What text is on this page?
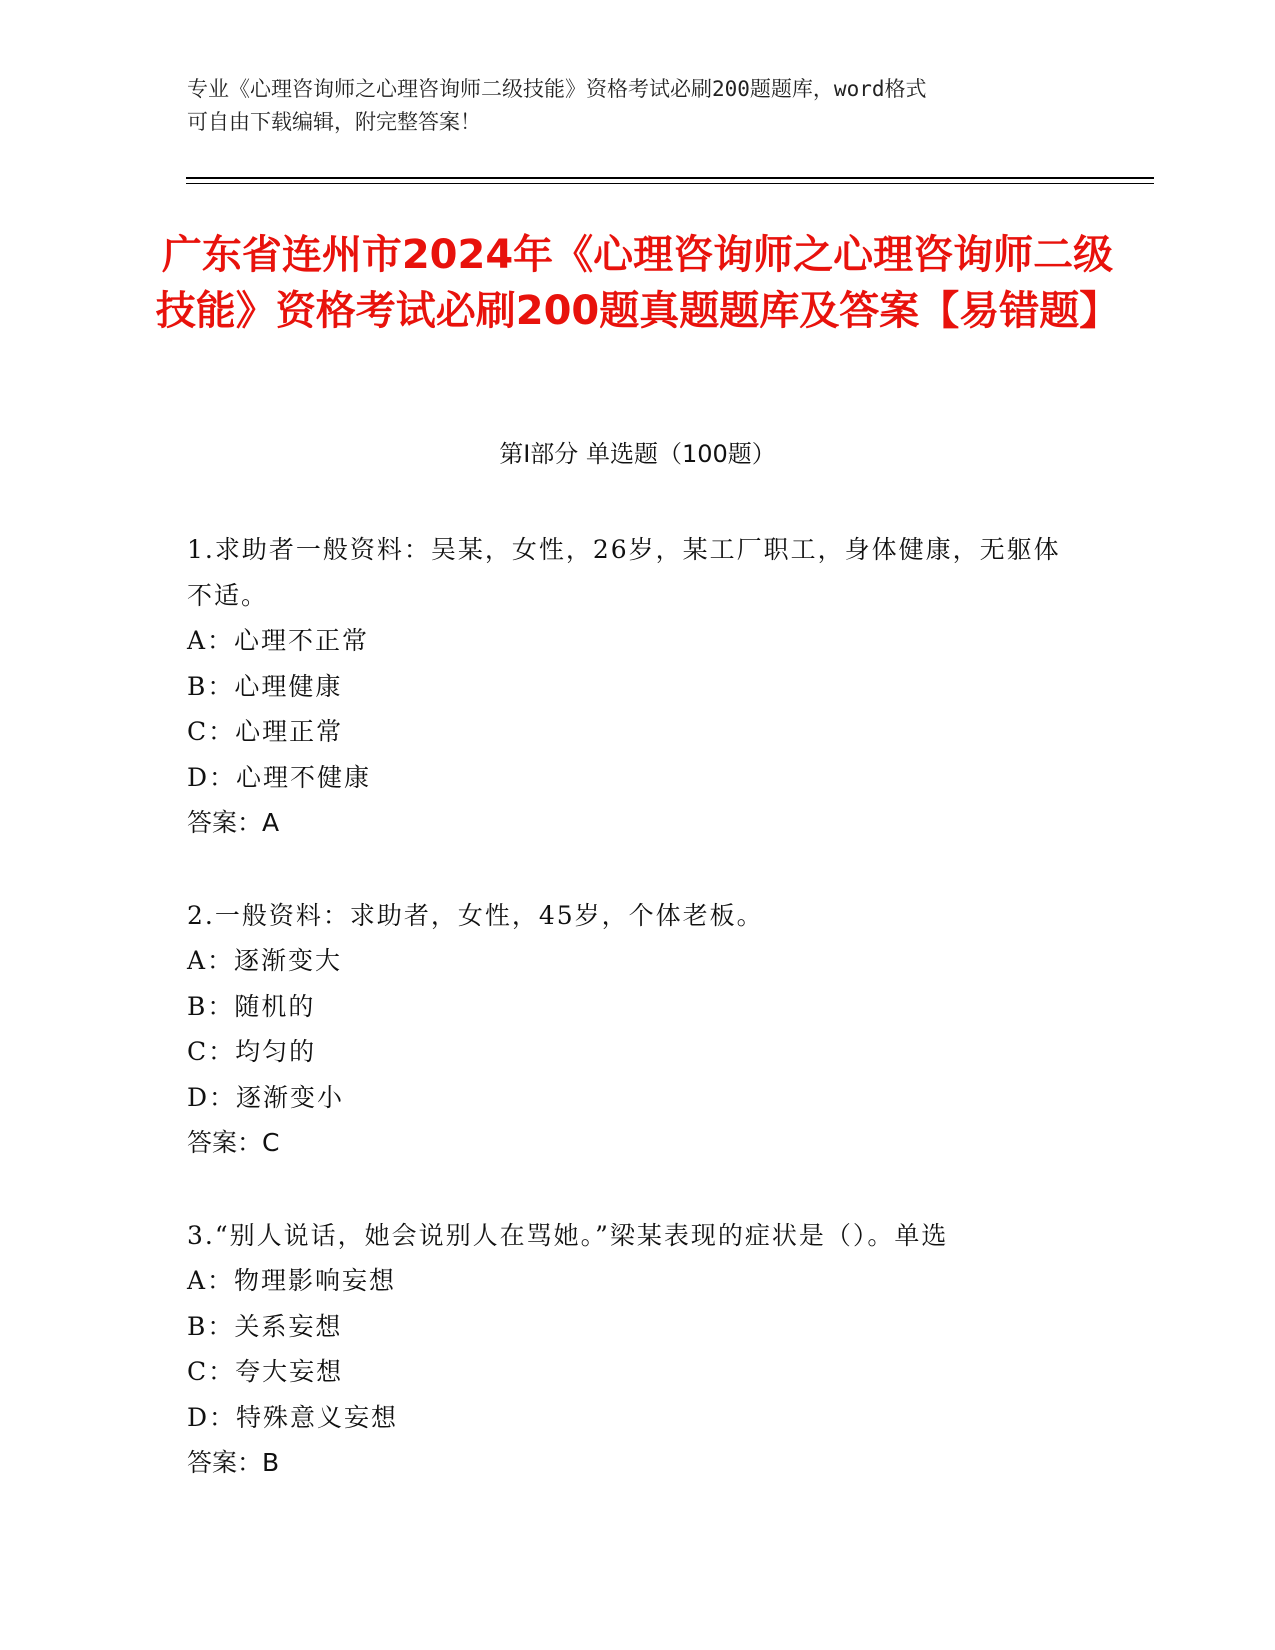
专业《心理咨询师之心理咨询师二级技能》资格考试必刷200题题库，word格式
可自由下载编辑，附完整答案！
广东省连州市2024年《心理咨询师之心理咨询师二级技能》资格考试必刷200题真题题库及答案【易错题】
第Ⅰ部分 单选题（100题）
1.求助者一般资料：吴某，女性，26岁，某工厂职工，身体健康，无躯体不适。
A：心理不正常
B：心理健康
C：心理正常
D：心理不健康
答案：A
2.一般资料：求助者，女性，45岁，个体老板。
A：逐渐变大
B：随机的
C：均匀的
D：逐渐变小
答案：C
3.“别人说话，她会说别人在骂她。”梁某表现的症状是（）。单选
A：物理影响妄想
B：关系妄想
C：夸大妄想
D：特殊意义妄想
答案：B
